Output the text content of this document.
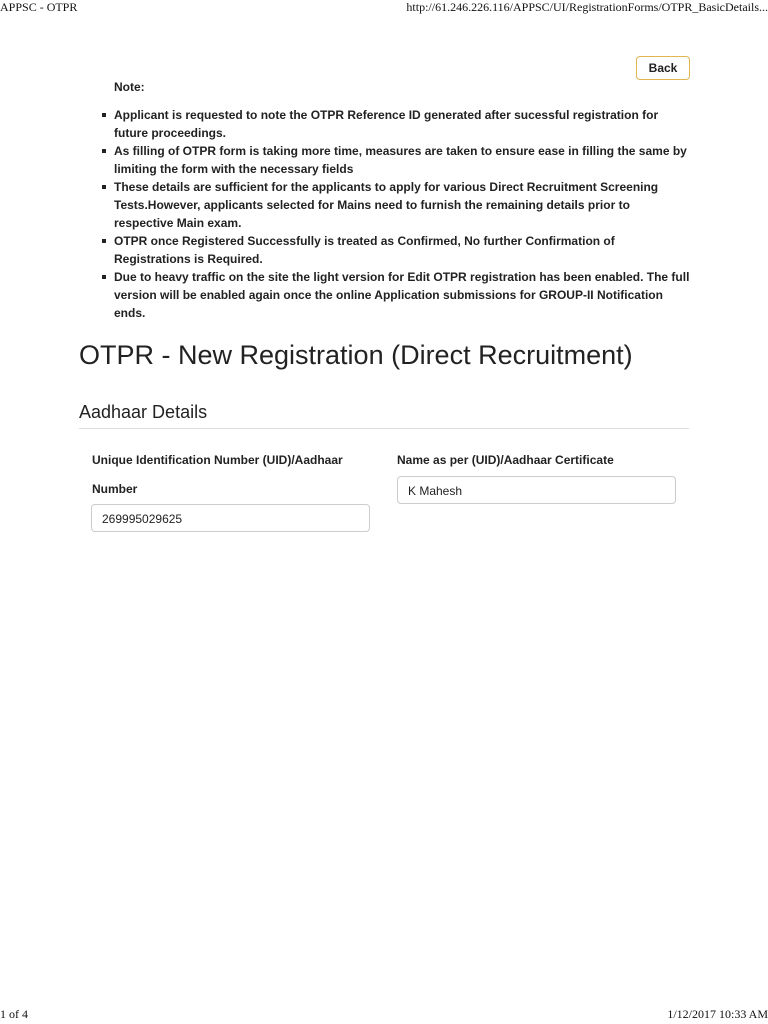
APPSC - OTPR	http://61.246.226.116/APPSC/UI/RegistrationForms/OTPR_BasicDetails...
Back
Note:
Applicant is requested to note the OTPR Reference ID generated after sucessful registration for future proceedings.
As filling of OTPR form is taking more time, measures are taken to ensure ease in filling the same by limiting the form with the necessary fields
These details are sufficient for the applicants to apply for various Direct Recruitment Screening Tests.However, applicants selected for Mains need to furnish the remaining details prior to respective Main exam.
OTPR once Registered Successfully is treated as Confirmed, No further Confirmation of Registrations is Required.
Due to heavy traffic on the site the light version for Edit OTPR registration has been enabled. The full version will be enabled again once the online Application submissions for GROUP-II Notification ends.
OTPR - New Registration (Direct Recruitment)
Aadhaar Details
Unique Identification Number (UID)/Aadhaar Number
269995029625
Name as per (UID)/Aadhaar Certificate
K Mahesh
1 of 4	1/12/2017 10:33 AM
